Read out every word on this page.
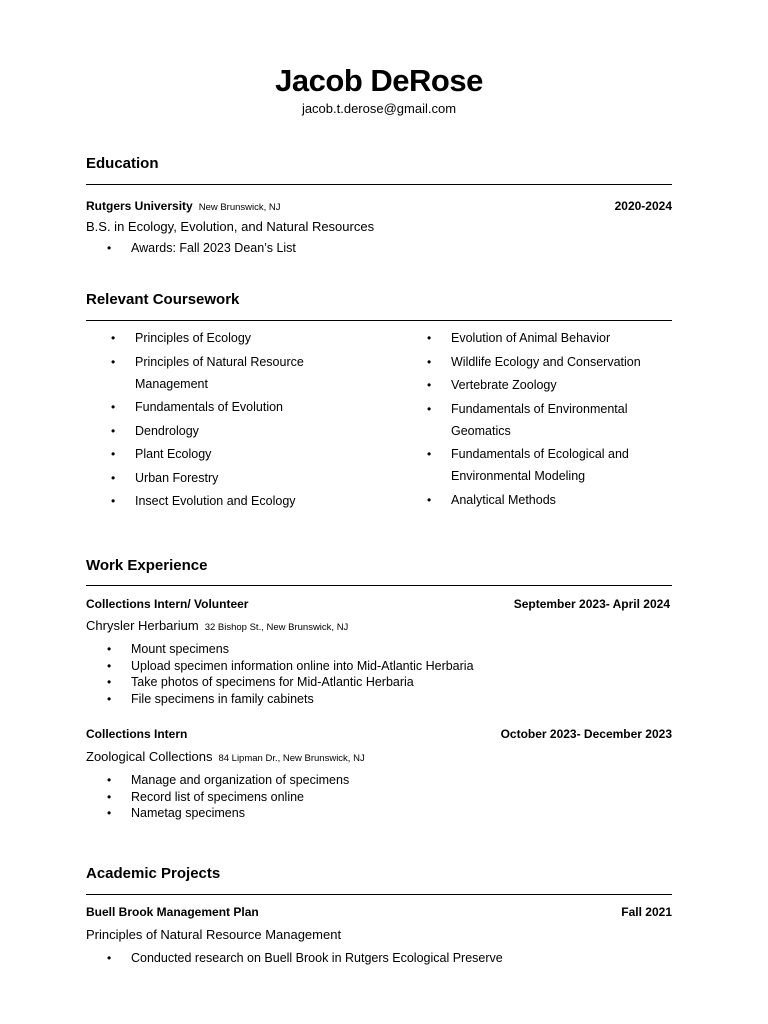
Jacob DeRose
jacob.t.derose@gmail.com
Education
Rutgers University New Brunswick, NJ	2020-2024
B.S. in Ecology, Evolution, and Natural Resources
• Awards: Fall 2023 Dean’s List
Relevant Coursework
• Principles of Ecology
• Principles of Natural Resource Management
• Fundamentals of Evolution
• Dendrology
• Plant Ecology
• Urban Forestry
• Insect Evolution and Ecology
• Evolution of Animal Behavior
• Wildlife Ecology and Conservation
• Vertebrate Zoology
• Fundamentals of Environmental Geomatics
• Fundamentals of Ecological and Environmental Modeling
• Analytical Methods
Work Experience
Collections Intern/ Volunteer	September 2023- April 2024
Chrysler Herbarium 32 Bishop St., New Brunswick, NJ
• Mount specimens
• Upload specimen information online into Mid-Atlantic Herbaria
• Take photos of specimens for Mid-Atlantic Herbaria
• File specimens in family cabinets
Collections Intern	October 2023- December 2023
Zoological Collections 84 Lipman Dr., New Brunswick, NJ
• Manage and organization of specimens
• Record list of specimens online
• Nametag specimens
Academic Projects
Buell Brook Management Plan	Fall 2021
Principles of Natural Resource Management
• Conducted research on Buell Brook in Rutgers Ecological Preserve
